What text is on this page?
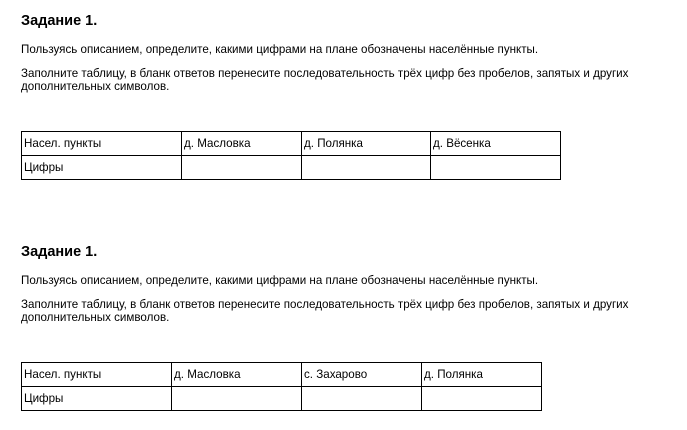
Задание 1.

Пользуясь описанием, определите, какими цифрами на плане обозначены населённые пункты.

Заполните таблицу, в бланк ответов перенесите последовательность трёх цифр без пробелов, запятых и других
дополнительных символов.

Насел. пункты	д. Масловка	д. Полянка	д. Вёсенка
Цифры			

Задание 1.

Пользуясь описанием, определите, какими цифрами на плане обозначены населённые пункты.

Заполните таблицу, в бланк ответов перенесите последовательность трёх цифр без пробелов, запятых и других
дополнительных символов.

Насел. пункты	д. Масловка	с. Захарово	д. Полянка
Цифры			
